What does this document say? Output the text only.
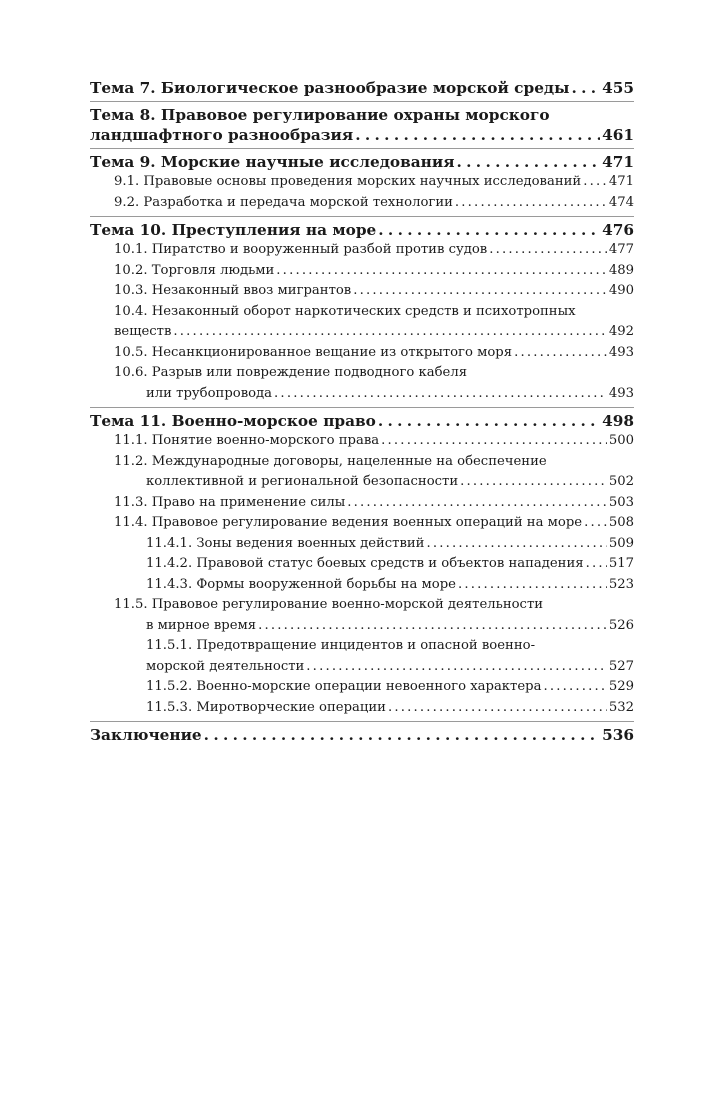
Тема 7. Биологическое разнообразие морской среды . . . 455
Тема 8. Правовое регулирование охраны морского
ландшафтного разнообразия . . .	461
Тема 9. Морские научные исследования . . .	471
9.1. Правовые основы проведения морских научных исследований . . . 471
9.2. Разработка и передача морской технологии . . .	474
Тема 10. Преступления на море . . .	476
10.1. Пиратство и вооруженный разбой против судов . . .	477
10.2. Торговля людьми . . .	489
10.3. Незаконный ввоз мигрантов . . .	490
10.4. Незаконный оборот наркотических средств и психотропных
веществ . . .	492
10.5. Несанкционированное вещание из открытого моря . . .	493
10.6. Разрыв или повреждение подводного кабеля
или трубопровода . . .	493
Тема 11. Военно-морское право . . .	498
11.1. Понятие военно-морского права . . .	500
11.2. Международные договоры, нацеленные на обеспечение
коллективной и региональной безопасности . . .	502
11.3. Право на применение силы . . .	503
11.4. Правовое регулирование ведения военных операций на море . . . 508
11.4.1. Зоны ведения военных действий . . .	509
11.4.2. Правовой статус боевых средств и объектов нападения . . . 517
11.4.3. Формы вооруженной борьбы на море . . .	523
11.5. Правовое регулирование военно-морской деятельности
в мирное время . . .	526
11.5.1. Предотвращение инцидентов и опасной военно-
морской деятельности . . .	527
11.5.2. Военно-морские операции невоенного характера . . .	529
11.5.3. Миротворческие операции . . .	532
Заключение . . .	536
